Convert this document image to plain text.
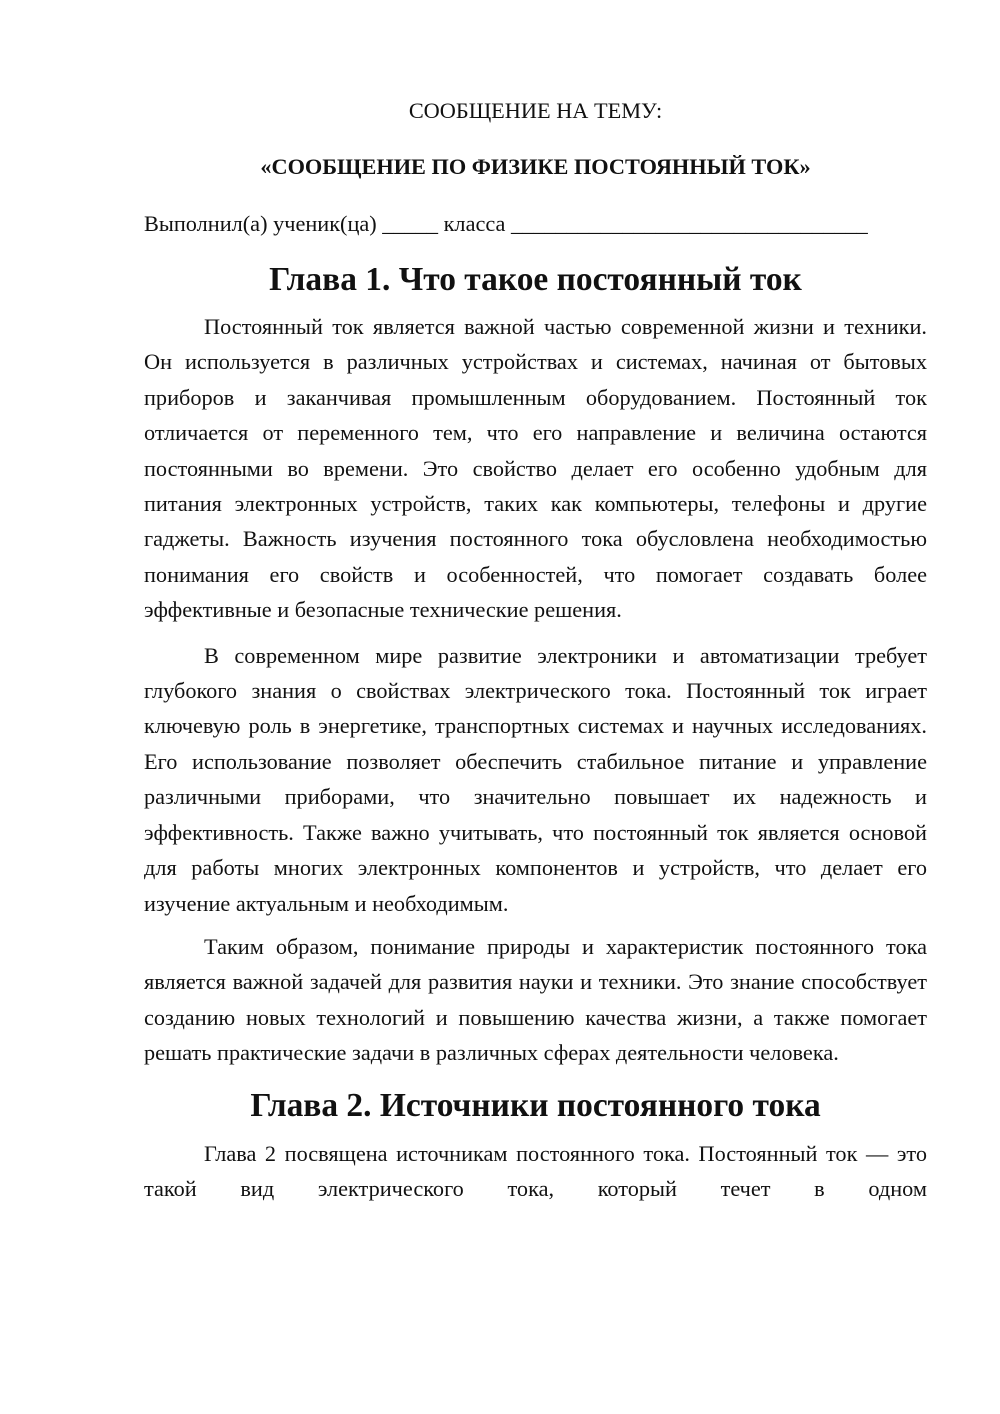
СООБЩЕНИЕ НА ТЕМУ:

«СООБЩЕНИЕ ПО ФИЗИКЕ ПОСТОЯННЫЙ ТОК»

Выполнил(а) ученик(ца) _____ класса ________________________________

Глава 1. Что такое постоянный ток

Постоянный ток является важной частью современной жизни и техники. Он используется в различных устройствах и системах, начиная от бытовых приборов и заканчивая промышленным оборудованием. Постоянный ток отличается от переменного тем, что его направление и величина остаются постоянными во времени. Это свойство делает его особенно удобным для питания электронных устройств, таких как компьютеры, телефоны и другие гаджеты. Важность изучения постоянного тока обусловлена необходимостью понимания его свойств и особенностей, что помогает создавать более эффективные и безопасные технические решения.

В современном мире развитие электроники и автоматизации требует глубокого знания о свойствах электрического тока. Постоянный ток играет ключевую роль в энергетике, транспортных системах и научных исследованиях. Его использование позволяет обеспечить стабильное питание и управление различными приборами, что значительно повышает их надежность и эффективность. Также важно учитывать, что постоянный ток является основой для работы многих электронных компонентов и устройств, что делает его изучение актуальным и необходимым.

Таким образом, понимание природы и характеристик постоянного тока является важной задачей для развития науки и техники. Это знание способствует созданию новых технологий и повышению качества жизни, а также помогает решать практические задачи в различных сферах деятельности человека.

Глава 2. Источники постоянного тока

Глава 2 посвящена источникам постоянного тока. Постоянный ток — это такой вид электрического тока, который течет в одном
